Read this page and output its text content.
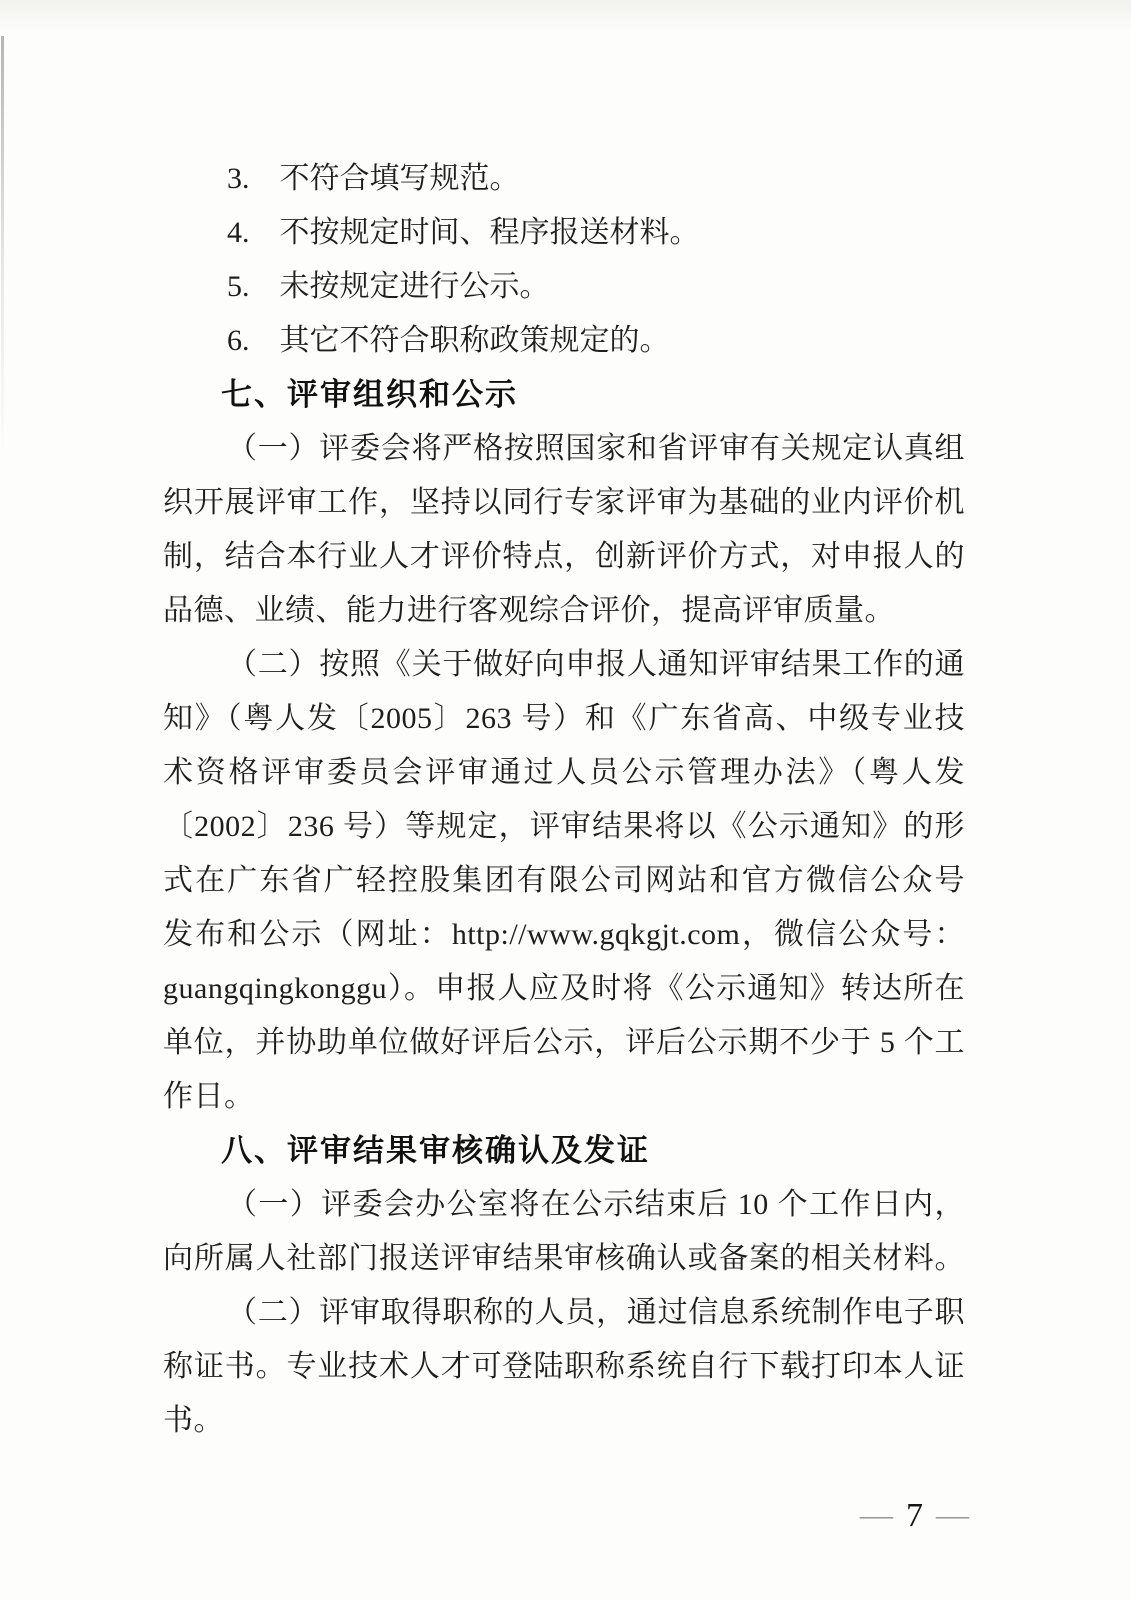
3. 不符合填写规范。
4. 不按规定时间、程序报送材料。
5. 未按规定进行公示。
6. 其它不符合职称政策规定的。
七、评审组织和公示
（一）评委会将严格按照国家和省评审有关规定认真组
织开展评审工作，坚持以同行专家评审为基础的业内评价机
制，结合本行业人才评价特点，创新评价方式，对申报人的
品德、业绩、能力进行客观综合评价，提高评审质量。
（二）按照《关于做好向申报人通知评审结果工作的通
知》（粤人发〔2005〕263 号）和《广东省高、中级专业技
术资格评审委员会评审通过人员公示管理办法》（粤人发
〔2002〕236 号）等规定，评审结果将以《公示通知》的形
式在广东省广轻控股集团有限公司网站和官方微信公众号
发布和公示（网址：http://www.gqkgjt.com，微信公众号：
guangqingkonggu）。申报人应及时将《公示通知》转达所在
单位，并协助单位做好评后公示，评后公示期不少于 5 个工
作日。
八、评审结果审核确认及发证
（一）评委会办公室将在公示结束后 10 个工作日内，
向所属人社部门报送评审结果审核确认或备案的相关材料。
（二）评审取得职称的人员，通过信息系统制作电子职
称证书。专业技术人才可登陆职称系统自行下载打印本人证
书。
— 7 —
